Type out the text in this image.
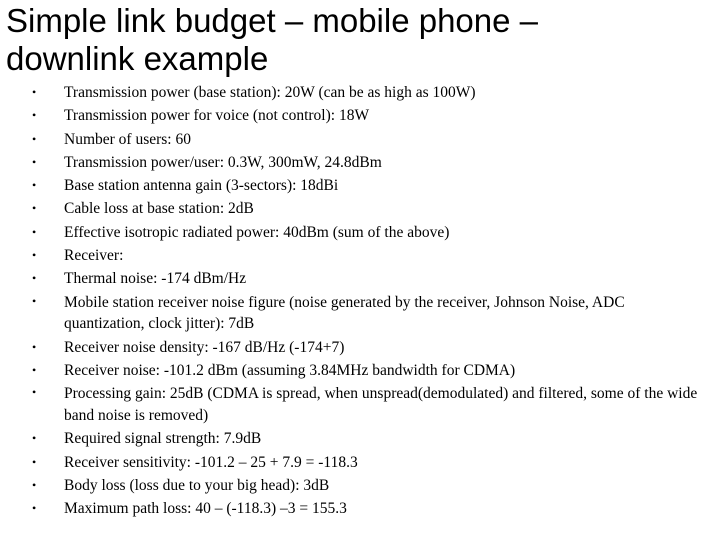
Simple link budget – mobile phone –
downlink example
• Transmission power (base station): 20W (can be as high as 100W)
• Transmission power for voice (not control): 18W
• Number of users: 60
• Transmission power/user: 0.3W, 300mW, 24.8dBm
• Base station antenna gain (3-sectors): 18dBi
• Cable loss at base station: 2dB
• Effective isotropic radiated power: 40dBm (sum of the above)
• Receiver:
• Thermal noise: -174 dBm/Hz
• Mobile station receiver noise figure (noise generated by the receiver, Johnson Noise, ADC quantization, clock jitter): 7dB
• Receiver noise density: -167 dB/Hz (-174+7)
• Receiver noise: -101.2 dBm (assuming 3.84MHz bandwidth for CDMA)
• Processing gain: 25dB (CDMA is spread, when unspread(demodulated) and filtered, some of the wide band noise is removed)
• Required signal strength: 7.9dB
• Receiver sensitivity: -101.2 – 25 + 7.9 = -118.3
• Body loss (loss due to your big head): 3dB
• Maximum path loss: 40 – (-118.3) –3 = 155.3
